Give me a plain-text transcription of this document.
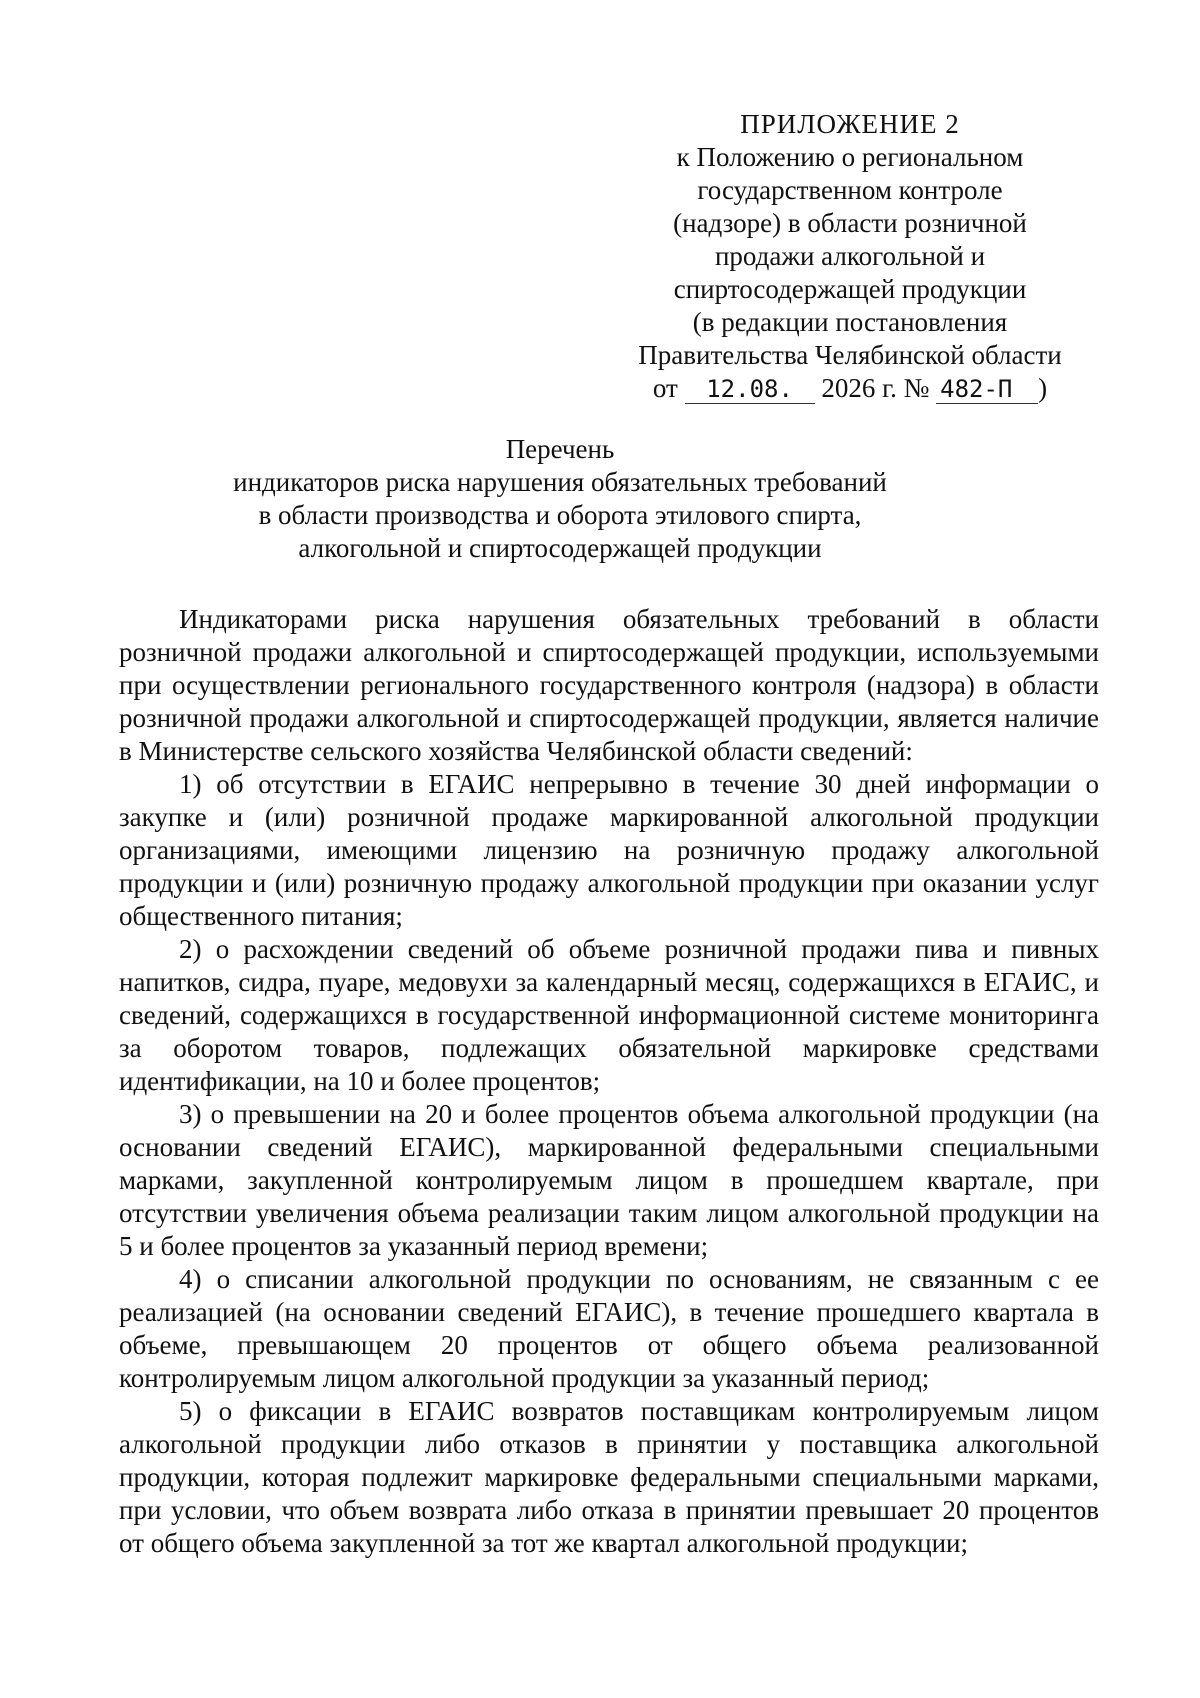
ПРИЛОЖЕНИЕ 2
к Положению о региональном
государственном контроле
(надзоре) в области розничной
продажи алкогольной и
спиртосодержащей продукции
(в редакции постановления
Правительства Челябинской области
от 12.08. 2026 г. № 482-П )
Перечень
индикаторов риска нарушения обязательных требований
в области производства и оборота этилового спирта,
алкогольной и спиртосодержащей продукции

Индикаторами риска нарушения обязательных требований в области розничной продажи алкогольной и спиртосодержащей продукции, используемыми при осуществлении регионального государственного контроля (надзора) в области розничной продажи алкогольной и спиртосодержащей продукции, является наличие в Министерстве сельского хозяйства Челябинской области сведений:

1) об отсутствии в ЕГАИС непрерывно в течение 30 дней информации о закупке и (или) розничной продаже маркированной алкогольной продукции организациями, имеющими лицензию на розничную продажу алкогольной продукции и (или) розничную продажу алкогольной продукции при оказании услуг общественного питания;

2) о расхождении сведений об объеме розничной продажи пива и пивных напитков, сидра, пуаре, медовухи за календарный месяц, содержащихся в ЕГАИС, и сведений, содержащихся в государственной информационной системе мониторинга за оборотом товаров, подлежащих обязательной маркировке средствами идентификации, на 10 и более процентов;

3) о превышении на 20 и более процентов объема алкогольной продукции (на основании сведений ЕГАИС), маркированной федеральными специальными марками, закупленной контролируемым лицом в прошедшем квартале, при отсутствии увеличения объема реализации таким лицом алкогольной продукции на 5 и более процентов за указанный период времени;

4) о списании алкогольной продукции по основаниям, не связанным с ее реализацией (на основании сведений ЕГАИС), в течение прошедшего квартала в объеме, превышающем 20 процентов от общего объема реализованной контролируемым лицом алкогольной продукции за указанный период;

5) о фиксации в ЕГАИС возвратов поставщикам контролируемым лицом алкогольной продукции либо отказов в принятии у поставщика алкогольной продукции, которая подлежит маркировке федеральными специальными марками, при условии, что объем возврата либо отказа в принятии превышает 20 процентов от общего объема закупленной за тот же квартал алкогольной продукции;
